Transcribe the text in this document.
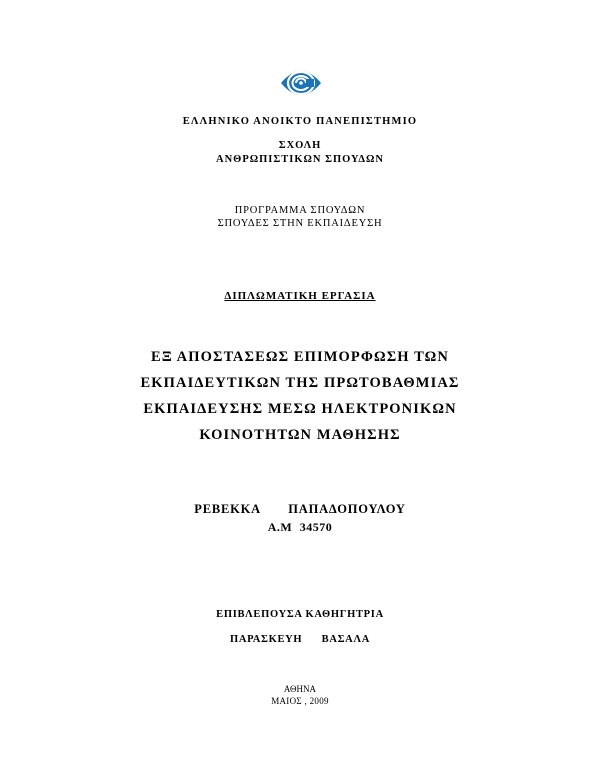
ΕΛΛΗΝΙΚΟ ΑΝΟΙΚΤΟ ΠΑΝΕΠΙΣΤΗΜΙΟ
ΣΧΟΛΗ
ΑΝΘΡΩΠΙΣΤΙΚΩΝ ΣΠΟΥΔΩΝ
ΠΡΟΓΡΑΜΜΑ ΣΠΟΥΔΩΝ
ΣΠΟΥΔΕΣ ΣΤΗΝ ΕΚΠΑΙΔΕΥΣΗ
ΔΙΠΛΩΜΑΤΙΚΗ ΕΡΓΑΣΙΑ
ΕΞ ΑΠΟΣΤΑΣΕΩΣ ΕΠΙΜΟΡΦΩΣΗ ΤΩΝ
ΕΚΠΑΙΔΕΥΤΙΚΩΝ ΤΗΣ ΠΡΩΤΟΒΑΘΜΙΑΣ
ΕΚΠΑΙΔΕΥΣΗΣ ΜΕΣΩ ΗΛΕΚΤΡΟΝΙΚΩΝ
ΚΟΙΝΟΤΗΤΩΝ ΜΑΘΗΣΗΣ
ΡΕΒΕΚΚΑ ΠΑΠΑΔΟΠΟΥΛΟΥ
Α.Μ 34570
ΕΠΙΒΛΕΠΟΥΣΑ ΚΑΘΗΓΗΤΡΙΑ
ΠΑΡΑΣΚΕΥΗ ΒΑΣΑΛΑ
ΑΘΗΝΑ
ΜΑΙΟΣ , 2009
